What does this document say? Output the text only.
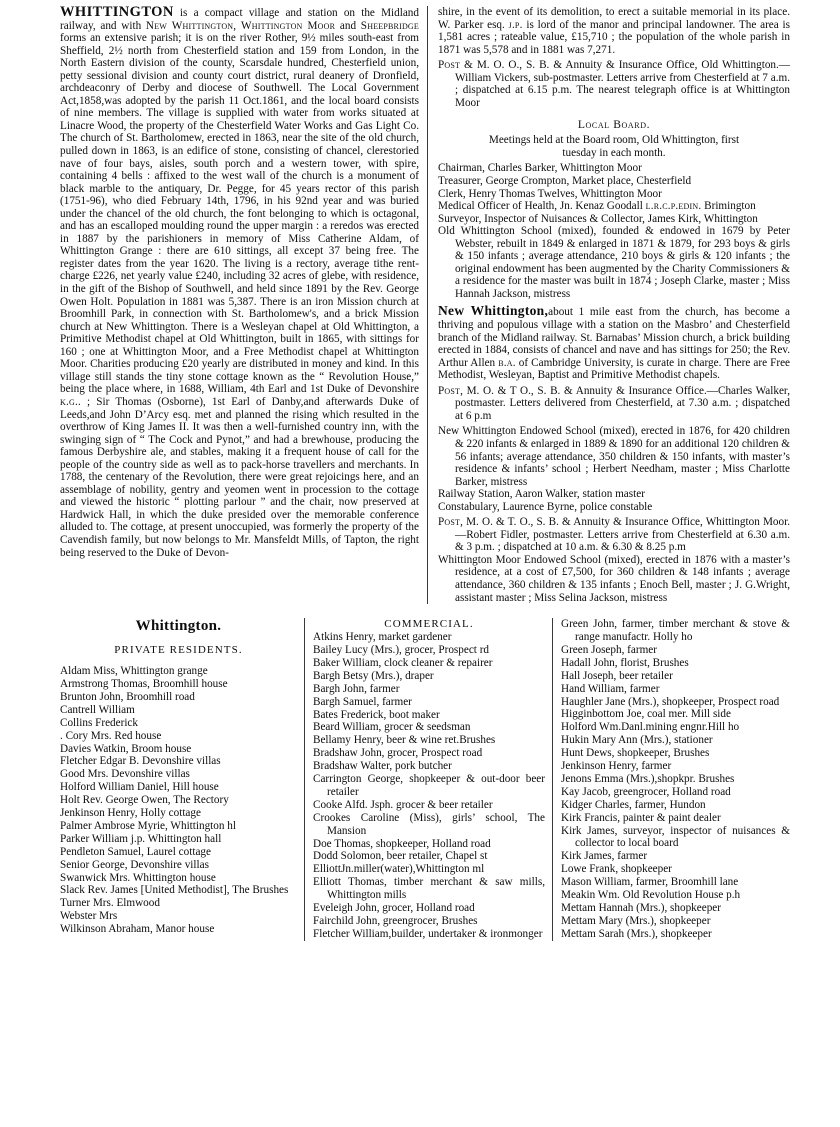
WHITTINGTON is a compact village and station on the Midland railway, and with New Whittington, Whittington Moor and Sheepbridge forms an extensive parish; it is on the river Rother, 9½ miles south-east from Sheffield, 2½ north from Chesterfield station and 159 from London, in the North Eastern division of the county, Scarsdale hundred, Chesterfield union, petty sessional division and county court district, rural deanery of Dronfield, archdeaconry of Derby and diocese of Southwell. The Local Government Act,1858,was adopted by the parish 11 Oct.1861, and the local board consists of nine members. The village is supplied with water from works situated at Linacre Wood, the property of the Chesterfield Water Works and Gas Light Co. The church of St. Bartholomew, erected in 1863, near the site of the old church, pulled down in 1863, is an edifice of stone, consisting of chancel, clerestoried nave of four bays, aisles, south porch and a western tower, with spire, containing 4 bells : affixed to the west wall of the church is a monument of black marble to the antiquary, Dr. Pegge, for 45 years rector of this parish (1751-96), who died February 14th, 1796, in his 92nd year and was buried under the chancel of the old church, the font belonging to which is octagonal, and has an escalloped moulding round the upper margin : a reredos was erected in 1887 by the parishioners in memory of Miss Catherine Aldam, of Whittington Grange : there are 610 sittings, all except 37 being free. The register dates from the year 1620. The living is a rectory, average tithe rent-charge £226, net yearly value £240, including 32 acres of glebe, with residence, in the gift of the Bishop of Southwell, and held since 1891 by the Rev. George Owen Holt. Population in 1881 was 5,387. There is an iron Mission church at Broomhill Park, in connection with St. Bartholomew's, and a brick Mission church at New Whittington. There is a Wesleyan chapel at Old Whittington, a Primitive Methodist chapel at Old Whittington, built in 1865, with sittings for 160 ; one at Whittington Moor, and a Free Methodist chapel at Whittington Moor. Charities producing £20 yearly are distributed in money and kind. In this village still stands the tiny stone cottage known as the “ Revolution House,” being the place where, in 1688, William, 4th Earl and 1st Duke of Devonshire k.g.. ; Sir Thomas (Osborne), 1st Earl of Danby,and afterwards Duke of Leeds,and John D’Arcy esq. met and planned the rising which resulted in the overthrow of King James II. It was then a well-furnished country inn, with the swinging sign of “ The Cock and Pynot,” and had a brewhouse, producing the famous Derbyshire ale, and stables, making it a frequent house of call for the people of the country side as well as to pack-horse travellers and merchants. In 1788, the centenary of the Revolution, there were great rejoicings here, and an assemblage of nobility, gentry and yeomen went in procession to the cottage and viewed the historic “ plotting parlour ” and the chair, now preserved at Hardwick Hall, in which the duke presided over the memorable conference alluded to. The cottage, at present unoccupied, was formerly the property of the Cavendish family, but now belongs to Mr. Mansfeldt Mills, of Tapton, the right being reserved to the Duke of Devon-

shire, in the event of its demolition, to erect a suitable memorial in its place. W. Parker esq. j.p. is lord of the manor and principal landowner. The area is 1,581 acres ; rateable value, £15,710 ; the population of the whole parish in 1871 was 5,578 and in 1881 was 7,271.

Post & M. O. O., S. B. & Annuity & Insurance Office, Old Whittington.—William Vickers, sub-postmaster. Letters arrive from Chesterfield at 7 a.m. ; dispatched at 6.15 p.m. The nearest telegraph office is at Whittington Moor

Local Board.

Meetings held at the Board room, Old Whittington, first

tuesday in each month.

Chairman, Charles Barker, Whittington Moor

Treasurer, George Crompton, Market place, Chesterfield

Clerk, Henry Thomas Twelves, Whittington Moor

Medical Officer of Health, Jn. Kenaz Goodall l.r.c.p.edin. Brimington

Surveyor, Inspector of Nuisances & Collector, James Kirk, Whittington

Old Whittington School (mixed), founded & endowed in 1679 by Peter Webster, rebuilt in 1849 & enlarged in 1871 & 1879, for 293 boys & girls & 150 infants ; average attendance, 210 boys & girls & 120 infants ; the original endowment has been augmented by the Charity Commissioners & a residence for the master was built in 1874 ; Joseph Clarke, master ; Miss Hannah Jackson, mistress

New Whittington,about 1 mile east from the church, has become a thriving and populous village with a station on the Masbro’ and Chesterfield branch of the Midland railway. St. Barnabas’ Mission church, a brick building erected in 1884, consists of chancel and nave and has sittings for 250; the Rev. Arthur Allen b.a. of Cambridge University, is curate in charge. There are Free Methodist, Wesleyan, Baptist and Primitive Methodist chapels.

Post, M. O. & T O., S. B. & Annuity & Insurance Office.—Charles Walker, postmaster. Letters delivered from Chesterfield, at 7.30 a.m. ; dispatched at 6 p.m

New Whittington Endowed School (mixed), erected in 1876, for 420 children & 220 infants & enlarged in 1889 & 1890 for an additional 120 children & 56 infants; average attendance, 350 children & 150 infants, with master’s residence & infants’ school ; Herbert Needham, master ; Miss Charlotte Barker, mistress

Railway Station, Aaron Walker, station master

Constabulary, Laurence Byrne, police constable

Post, M. O. & T. O., S. B. & Annuity & Insurance Office, Whittington Moor.—Robert Fidler, postmaster. Letters arrive from Chesterfield at 6.30 a.m. & 3 p.m. ; dispatched at 10 a.m. & 6.30 & 8.25 p.m

Whittington Moor Endowed School (mixed), erected in 1876 with a master’s residence, at a cost of £7,500, for 360 children & 148 infants ; average attendance, 360 children & 135 infants ; Enoch Bell, master ; J. G.Wright, assistant master ; Miss Selina Jackson, mistress

Whittington.
PRIVATE RESIDENTS.

Aldam Miss, Whittington grange

Armstrong Thomas, Broomhill house

Brunton John, Broomhill road

Cantrell William

Collins Frederick

. Cory Mrs. Red house

Davies Watkin, Broom house

Fletcher Edgar B. Devonshire villas

Good Mrs. Devonshire villas

Holford William Daniel, Hill house

Holt Rev. George Owen, The Rectory

Jenkinson Henry, Holly cottage

Palmer Ambrose Myrie, Whittington hl

Parker William j.p. Whittington hall

Pendleton Samuel, Laurel cottage

Senior George, Devonshire villas

Swanwick Mrs. Whittington house

Slack Rev. James [United Methodist], The Brushes

Turner Mrs. Elmwood

Webster Mrs

Wilkinson Abraham, Manor house

COMMERCIAL.

Atkins Henry, market gardener

Bailey Lucy (Mrs.), grocer, Prospect rd

Baker William, clock cleaner & repairer

Bargh Betsy (Mrs.), draper

Bargh John, farmer

Bargh Samuel, farmer

Bates Frederick, boot maker

Beard William, grocer & seedsman

Bellamy Henry, beer & wine ret.Brushes

Bradshaw John, grocer, Prospect road

Bradshaw Walter, pork butcher

Carrington George, shopkeeper & out-door beer retailer

Cooke Alfd. Jsph. grocer & beer retailer

Crookes Caroline (Miss), girls’ school, The Mansion

Doe Thomas, shopkeeper, Holland road

Dodd Solomon, beer retailer, Chapel st

ElliottJn.miller(water),Whittington ml

Elliott Thomas, timber merchant & saw mills, Whittington mills

Eveleigh John, grocer, Holland road

Fairchild John, greengrocer, Brushes

Fletcher William,builder, undertaker & ironmonger

Green John, farmer, timber merchant & stove & range manufactr. Holly ho

Green Joseph, farmer

Hadall John, florist, Brushes

Hall Joseph, beer retailer

Hand William, farmer

Haughler Jane (Mrs.), shopkeeper, Prospect road

Higginbottom Joe, coal mer. Mill side

Holford Wm.Danl.mining engnr.Hill ho

Hukin Mary Ann (Mrs.), stationer

Hunt Dews, shopkeeper, Brushes

Jenkinson Henry, farmer

Jenons Emma (Mrs.),shopkpr. Brushes

Kay Jacob, greengrocer, Holland road

Kidger Charles, farmer, Hundon

Kirk Francis, painter & paint dealer

Kirk James, surveyor, inspector of nuisances & collector to local board

Kirk James, farmer

Lowe Frank, shopkeeper

Mason William, farmer, Broomhill lane

Meakin Wm. Old Revolution House p.h

Mettam Hannah (Mrs.), shopkeeper

Mettam Mary (Mrs.), shopkeeper

Mettam Sarah (Mrs.), shopkeeper
